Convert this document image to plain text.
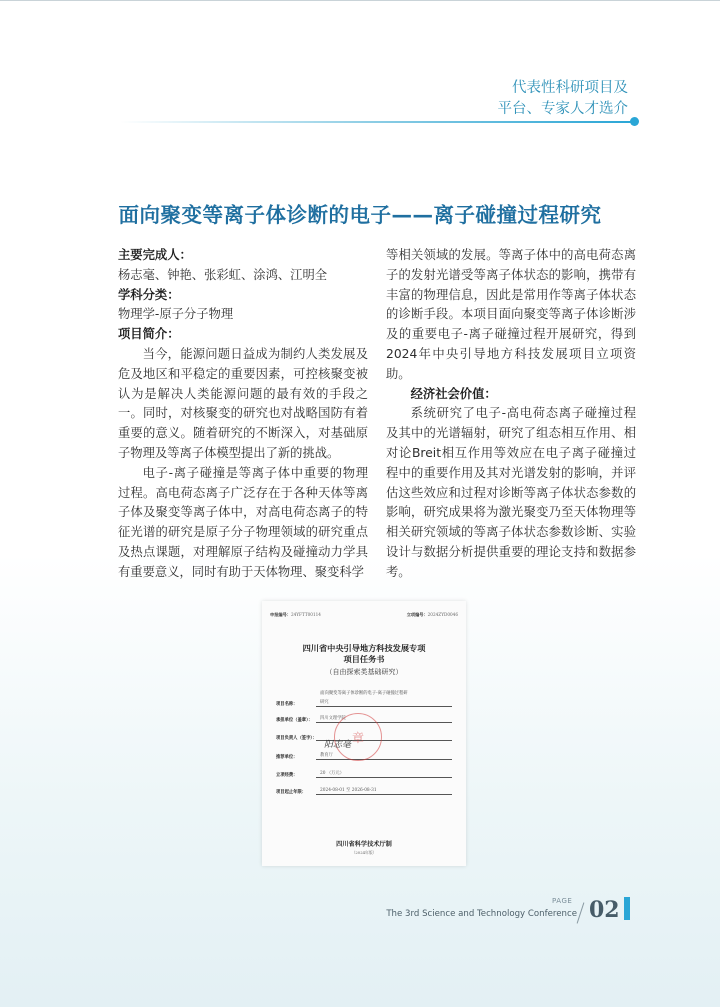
代表性科研项目及
平台、专家人才选介
面向聚变等离子体诊断的电子——离子碰撞过程研究

主要完成人：

杨志毫、钟艳、张彩虹、涂鸿、江明全

学科分类：

物理学-原子分子物理

项目简介：

当今，能源问题日益成为制约人类发展及危及地区和平稳定的重要因素，可控核聚变被认为是解决人类能源问题的最有效的手段之一。同时，对核聚变的研究也对战略国防有着重要的意义。随着研究的不断深入，对基础原子物理及等离子体模型提出了新的挑战。

电子-离子碰撞是等离子体中重要的物理过程。高电荷态离子广泛存在于各种天体等离子体及聚变等离子体中，对高电荷态离子的特征光谱的研究是原子分子物理领域的研究重点及热点课题，对理解原子结构及碰撞动力学具有重要意义，同时有助于天体物理、聚变科学

等相关领域的发展。等离子体中的高电荷态离子的发射光谱受等离子体状态的影响，携带有丰富的物理信息，因此是常用作等离子体状态的诊断手段。本项目面向聚变等离子体诊断涉及的重要电子-离子碰撞过程开展研究，得到2024年中央引导地方科技发展项目立项资助。

经济社会价值：

系统研究了电子-高电荷态离子碰撞过程及其中的光谱辐射，研究了组态相互作用、相对论Breit相互作用等效应在电子离子碰撞过程中的重要作用及其对光谱发射的影响，并评估这些效应和过程对诊断等离子体状态参数的影响，研究成果将为激光聚变乃至天体物理等相关研究领域的等离子体状态参数诊断、实验设计与数据分析提供重要的理论支持和数据参考。

申报编号：24YFTT00114	立项编号：2024ZYD0046
四川省中央引导地方科技发展专项
项目任务书
（自由探索类基础研究）
面向聚变等离子体诊断的电子-离子碰撞过程研
项目名称：	研究
承担单位（盖章）：	四川文理学院
项目负责人（签字）：
推荐单位：	教育厅
立项经费：	20 （万元）
项目起止年限：	2024-08-01 至 2026-08-31
章
阳志毫
四川省科学技术厅制
（2024年版）
PAGE
The 3rd Science and Technology Conference 02
